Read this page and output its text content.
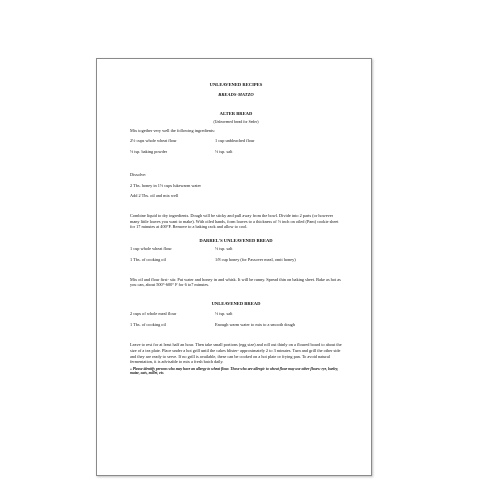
UNLEAVENED RECIPES
BREADS-MATZO
ALTER BREAD
(Unleavened bread for Seder)
Mix together very well the following ingredients:
2½ cups whole wheat flour	1 cup unbleached flour
½ tsp. baking powder	½ tsp. salt
Dissolve:
2 Tbs. honey in 1½ cups lukewarm water
Add 2 Tbs. oil and mix well
Combine liquid to dry ingredients. Dough will be sticky and pull away from the bowl. Divide into 2 parts (or however many little loaves you want to make). With oiled hands, form loaves to a thickness of ½ inch on oiled (Pam) cookie sheet for 17 minutes at 400°F. Remove to a baking rack and allow to cool.
DARREL'S UNLEAVENED BREAD
1 cup whole wheat flour	½ tsp. salt
1 Tbs. of cooking oil	1/8 cup honey (for Passover meal, omit honey)
Mix oil and flour first- stir. Put water and honey in and whisk. It will be runny. Spread thin on baking sheet. Bake as hot as you can, about 500°-600° F for 6 to7 minutes.
UNLEAVENED BREAD
2 cups of whole meal flour	½ tsp. salt
1 Tbs. of cooking oil	Enough warm water to mix to a smooth dough
Leave to rest for at least half an hour. Then take small portions (egg size) and roll out thinly on a floured board to about the size of a tea plate. Place under a hot grill until the cakes blister- approximately 2 to 3 minutes. Turn and grill the other side and they are ready to serve. If no grill is available, these can be cooked on a hot plate or frying pan. To avoid natural fermentation, it is advisable to mix a fresh batch daily.
« Please identify persons who may have an allergy to wheat flour. Those who are allergic to wheat flour may use other flours: rye, barley, maize, oats, millet, etc.
